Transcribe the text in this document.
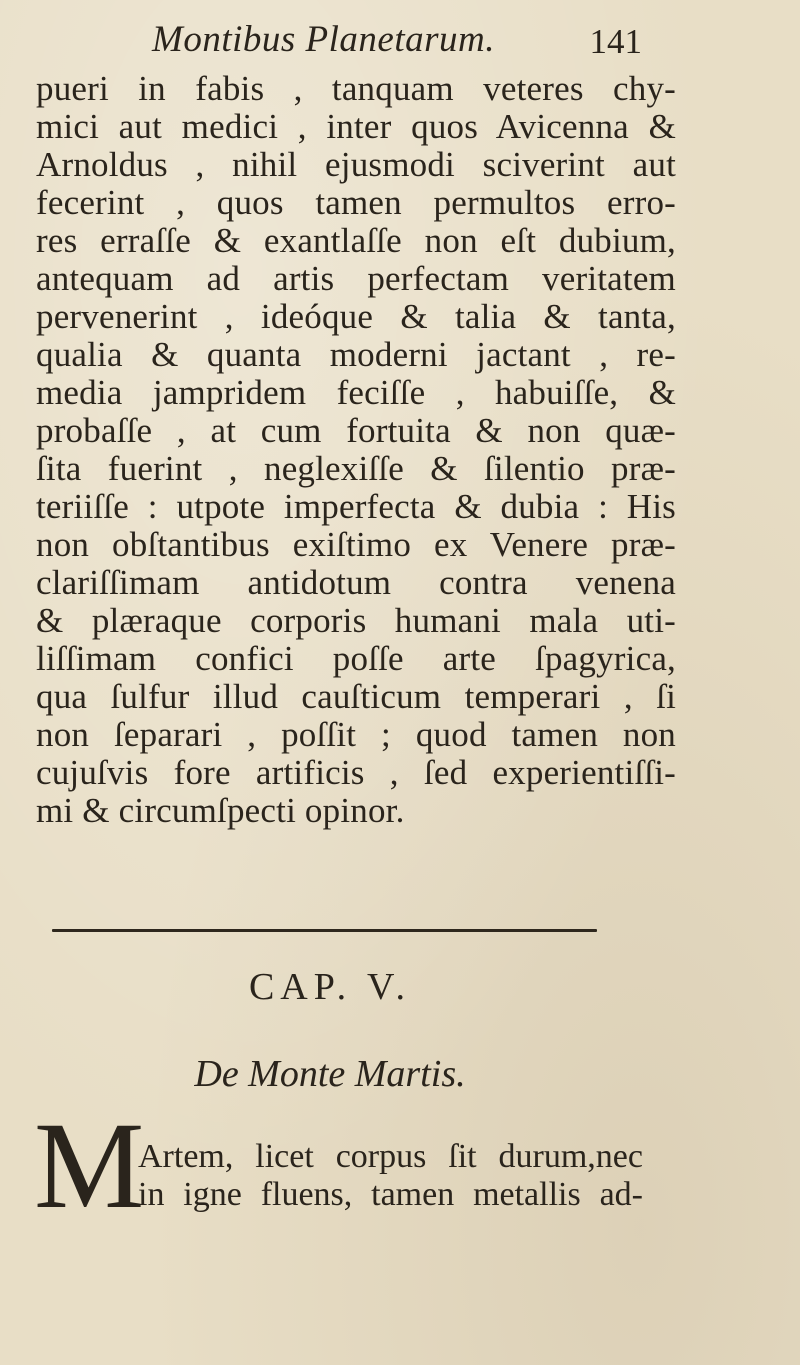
Montibus Planetarum.	141
pueri in fabis , tanquam veteres chy-
mici aut medici , inter quos Avicenna &
Arnoldus , nihil ejusmodi sciverint aut
fecerint , quos tamen permultos erro-
res erraſſe & exantlaſſe non eſt dubium,
antequam ad artis perfectam veritatem
pervenerint , ideóque & talia & tanta,
qualia & quanta moderni jactant , re-
media jampridem feciſſe , habuiſſe, &
probaſſe , at cum fortuita & non quæ-
ſita fuerint , neglexiſſe & ſilentio præ-
teriiſſe : utpote imperfecta & dubia : His
non obſtantibus exiſtimo ex Venere præ-
clariſſimam antidotum contra venena
& plæraque corporis humani mala uti-
liſſimam confici poſſe arte ſpagyrica,
qua ſulfur illud cauſticum temperari , ſi
non ſeparari , poſſit ; quod tamen non
cujuſvis fore artificis , ſed experientiſſi-
mi & circumſpecti opinor.
CAP. V.
De Monte Martis.
M
Artem, licet corpus ſit durum,nec
in igne fluens, tamen metallis ad-
